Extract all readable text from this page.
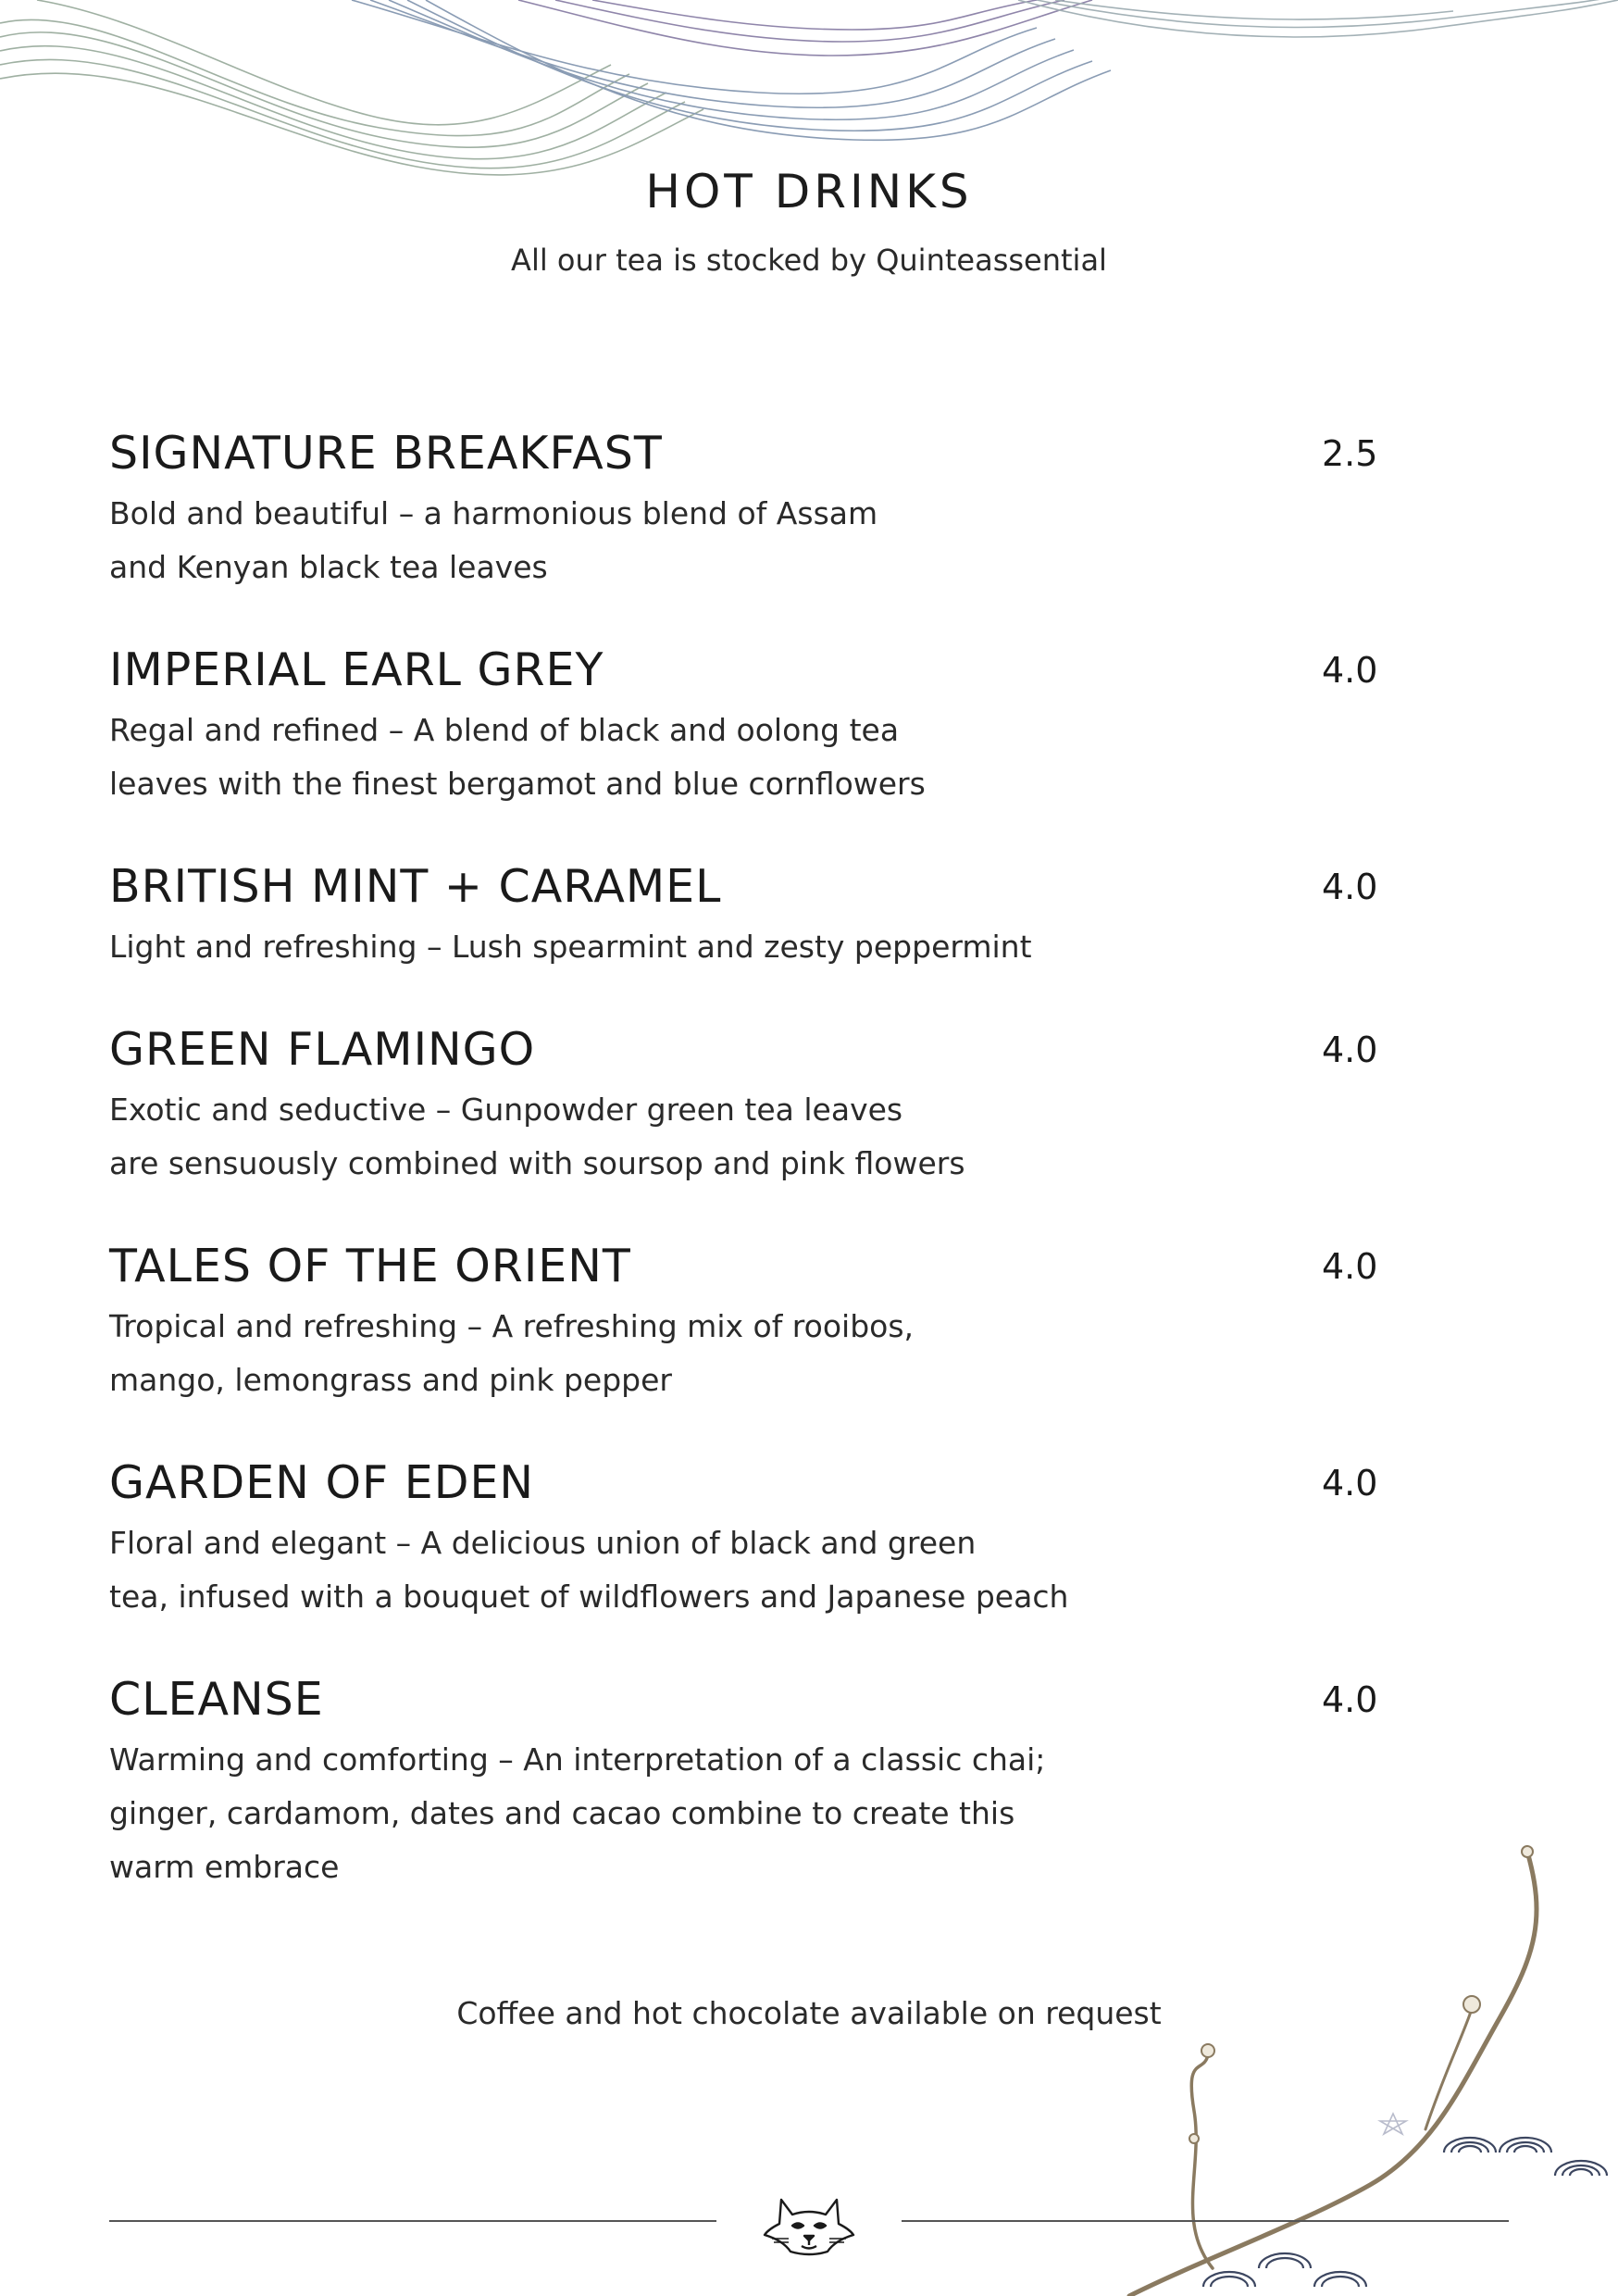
HOT DRINKS
All our tea is stocked by Quinteassential
SIGNATURE BREAKFAST	2.5
Bold and beautiful – a harmonious blend of Assam
and Kenyan black tea leaves
IMPERIAL EARL GREY	4.0
Regal and refined – A blend of black and oolong tea
leaves with the finest bergamot and blue cornflowers
BRITISH MINT + CARAMEL	4.0
Light and refreshing – Lush spearmint and zesty peppermint
GREEN FLAMINGO	4.0
Exotic and seductive – Gunpowder green tea leaves
are sensuously combined with soursop and pink flowers
TALES OF THE ORIENT	4.0
Tropical and refreshing – A refreshing mix of rooibos,
mango, lemongrass and pink pepper
GARDEN OF EDEN	4.0
Floral and elegant – A delicious union of black and green
tea, infused with a bouquet of wildflowers and Japanese peach
CLEANSE	4.0
Warming and comforting – An interpretation of a classic chai;
ginger, cardamom, dates and cacao combine to create this
warm embrace
Coffee and hot chocolate available on request
